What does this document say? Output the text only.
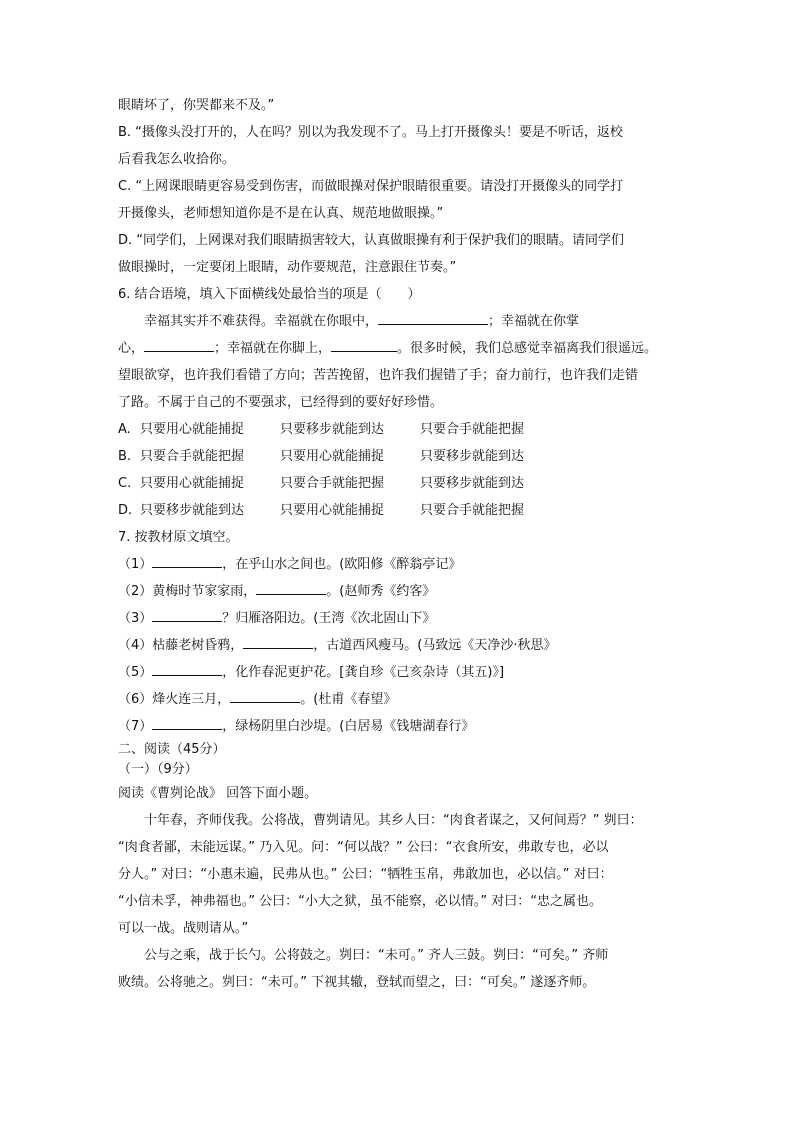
眼睛坏了，你哭都来不及。”
B. “摄像头没打开的，人在吗？别以为我发现不了。马上打开摄像头！要是不听话，返校
后看我怎么收拾你。
C. “上网课眼睛更容易受到伤害，而做眼操对保护眼睛很重要。请没打开摄像头的同学打
开摄像头，老师想知道你是不是在认真、规范地做眼操。”
D. “同学们，上网课对我们眼睛损害较大，认真做眼操有利于保护我们的眼睛。请同学们
做眼操时，一定要闭上眼睛，动作要规范，注意跟住节奏。”
6. 结合语境，填入下面横线处最恰当的项是（　　）
幸福其实并不难获得。幸福就在你眼中，	；幸福就在你掌
心，	；幸福就在你脚上，	。很多时候，我们总感觉幸福离我们很遥远。
望眼欲穿，也许我们看错了方向；苦苦挽留，也许我们握错了手；奋力前行，也许我们走错
了路。不属于自己的不要强求，已经得到的要好好珍惜。
A. 只要用心就能捕捉	只要移步就能到达	只要合手就能把握
B. 只要合手就能把握	只要用心就能捕捉	只要移步就能到达
C. 只要用心就能捕捉	只要合手就能把握	只要移步就能到达
D. 只要移步就能到达	只要用心就能捕捉	只要合手就能把握
7. 按教材原文填空。
（1）	，在乎山水之间也。(欧阳修《醉翁亭记》
（2）黄梅时节家家雨，	。(赵师秀《约客》
（3）	？归雁洛阳边。(王湾《次北固山下》
（4）枯藤老树昏鸦，	，古道西风瘦马。(马致远《天净沙·秋思》
（5）	，化作春泥更护花。[龚自珍《己亥杂诗（其五)》]
（6）烽火连三月，	。(杜甫《春望》
（7）	，绿杨阴里白沙堤。(白居易《钱塘湖春行》
二、阅读（45分）
（一）（9分）
阅读《曹刿论战》 回答下面小题。
十年春，齐师伐我。公将战，曹刿请见。其乡人曰：“肉食者谋之，又何间焉？” 刿曰：
“肉食者鄙，未能远谋。” 乃入见。问：“何以战？” 公曰：“衣食所安，弗敢专也，必以
分人。” 对曰：“小惠未遍，民弗从也。” 公曰：“牺牲玉帛，弗敢加也，必以信。” 对曰：
“小信未孚，神弗福也。” 公曰：“小大之狱，虽不能察，必以情。” 对曰：“忠之属也。
可以一战。战则请从。”
公与之乘，战于长勺。公将鼓之。刿曰：“未可。” 齐人三鼓。刿曰：“可矣。” 齐师
败绩。公将驰之。刿曰：“未可。” 下视其辙，登轼而望之，曰：“可矣。” 遂逐齐师。
